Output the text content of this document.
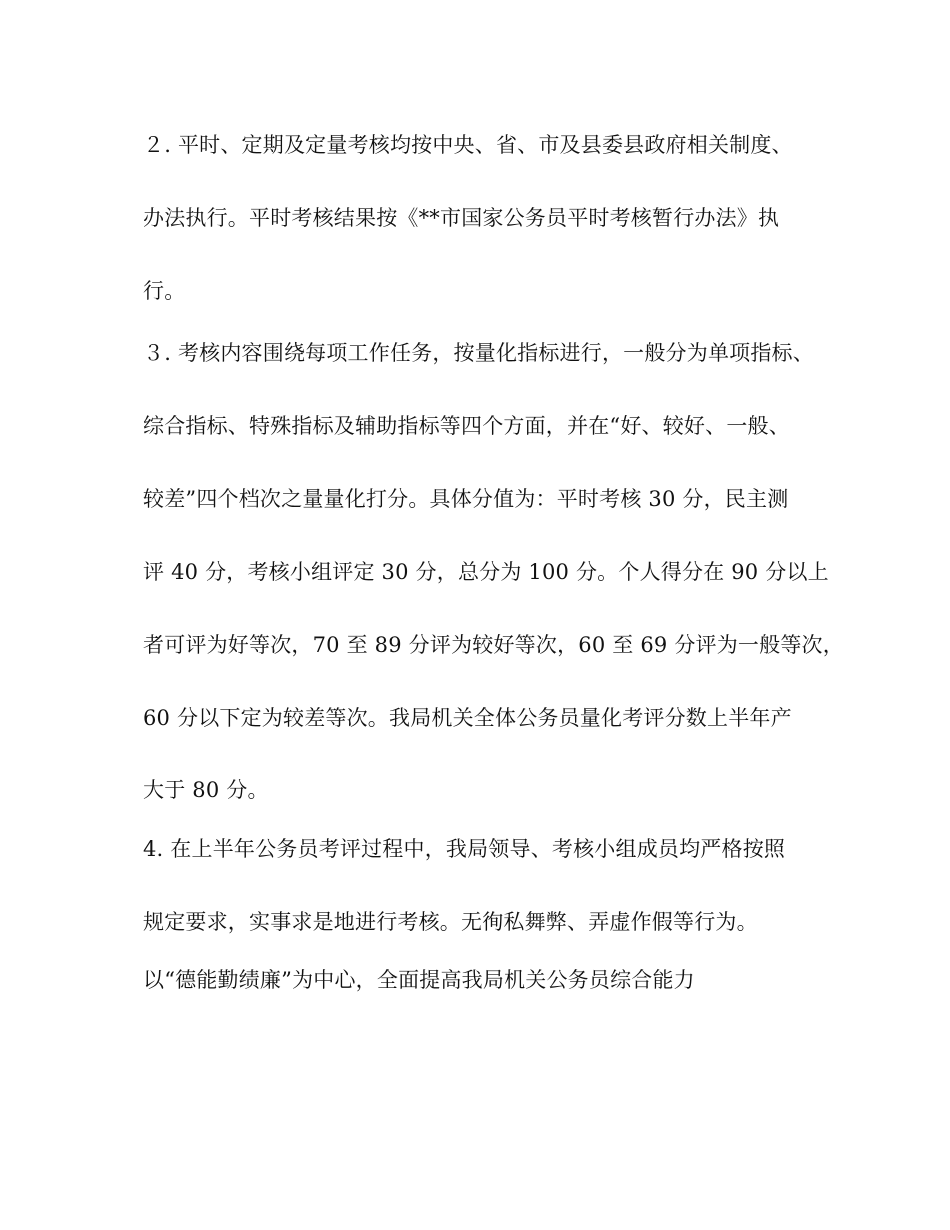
２. 平时、定期及定量考核均按中央、省、市及县委县政府相关制度、
办法执行。平时考核结果按《**市国家公务员平时考核暂行办法》执
行。
３. 考核内容围绕每项工作任务，按量化指标进行，一般分为单项指标、
综合指标、特殊指标及辅助指标等四个方面，并在“好、较好、一般、
较差”四个档次之量量化打分。具体分值为：平时考核 30 分，民主测
评 40 分，考核小组评定 30 分，总分为 100 分。个人得分在 90 分以上
者可评为好等次，70 至 89 分评为较好等次，60 至 69 分评为一般等次，
60 分以下定为较差等次。我局机关全体公务员量化考评分数上半年产
大于 80 分。
4. 在上半年公务员考评过程中，我局领导、考核小组成员均严格按照
规定要求，实事求是地进行考核。无徇私舞弊、弄虚作假等行为。
以“德能勤绩廉”为中心，全面提高我局机关公务员综合能力
